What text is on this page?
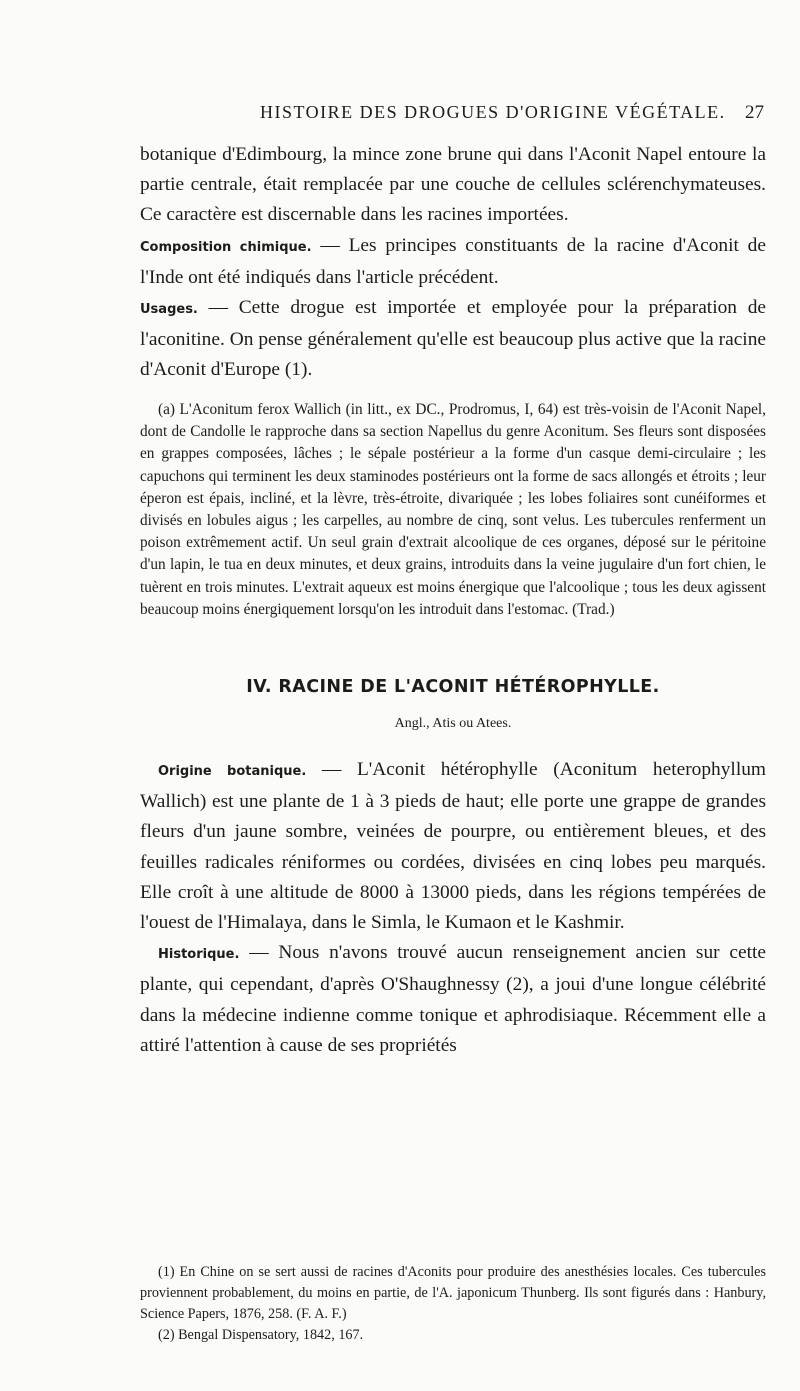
HISTOIRE DES DROGUES D'ORIGINE VÉGÉTALE. 27

botanique d'Edimbourg, la mince zone brune qui dans l'Aconit Napel entoure la partie centrale, était remplacée par une couche de cellules sclérenchymateuses. Ce caractère est discernable dans les racines importées.

Composition chimique. — Les principes constituants de la racine d'Aconit de l'Inde ont été indiqués dans l'article précédent.

Usages. — Cette drogue est importée et employée pour la préparation de l'aconitine. On pense généralement qu'elle est beaucoup plus active que la racine d'Aconit d'Europe (1).

(a) L'Aconitum ferox Wallich (in litt., ex DC., Prodromus, I, 64) est très-voisin de l'Aconit Napel, dont de Candolle le rapproche dans sa section Napellus du genre Aconitum. Ses fleurs sont disposées en grappes composées, lâches ; le sépale postérieur a la forme d'un casque demi-circulaire ; les capuchons qui terminent les deux staminodes postérieurs ont la forme de sacs allongés et étroits ; leur éperon est épais, incliné, et la lèvre, très-étroite, divariquée ; les lobes foliaires sont cunéiformes et divisés en lobules aigus ; les carpelles, au nombre de cinq, sont velus. Les tubercules renferment un poison extrêmement actif. Un seul grain d'extrait alcoolique de ces organes, déposé sur le péritoine d'un lapin, le tua en deux minutes, et deux grains, introduits dans la veine jugulaire d'un fort chien, le tuèrent en trois minutes. L'extrait aqueux est moins énergique que l'alcoolique ; tous les deux agissent beaucoup moins énergiquement lorsqu'on les introduit dans l'estomac. (Trad.)

IV. RACINE DE L'ACONIT HÉTÉROPHYLLE.
Angl., Atis ou Atees.

Origine botanique. — L'Aconit hétérophylle (Aconitum heterophyllum Wallich) est une plante de 1 à 3 pieds de haut; elle porte une grappe de grandes fleurs d'un jaune sombre, veinées de pourpre, ou entièrement bleues, et des feuilles radicales réniformes ou cordées, divisées en cinq lobes peu marqués. Elle croît à une altitude de 8000 à 13000 pieds, dans les régions tempérées de l'ouest de l'Himalaya, dans le Simla, le Kumaon et le Kashmir.

Historique. — Nous n'avons trouvé aucun renseignement ancien sur cette plante, qui cependant, d'après O'Shaughnessy (2), a joui d'une longue célébrité dans la médecine indienne comme tonique et aphrodisiaque. Récemment elle a attiré l'attention à cause de ses propriétés

(1) En Chine on se sert aussi de racines d'Aconits pour produire des anesthésies locales. Ces tubercules proviennent probablement, du moins en partie, de l'A. japonicum Thunberg. Ils sont figurés dans : Hanbury, Science Papers, 1876, 258. (F. A. F.)

(2) Bengal Dispensatory, 1842, 167.
